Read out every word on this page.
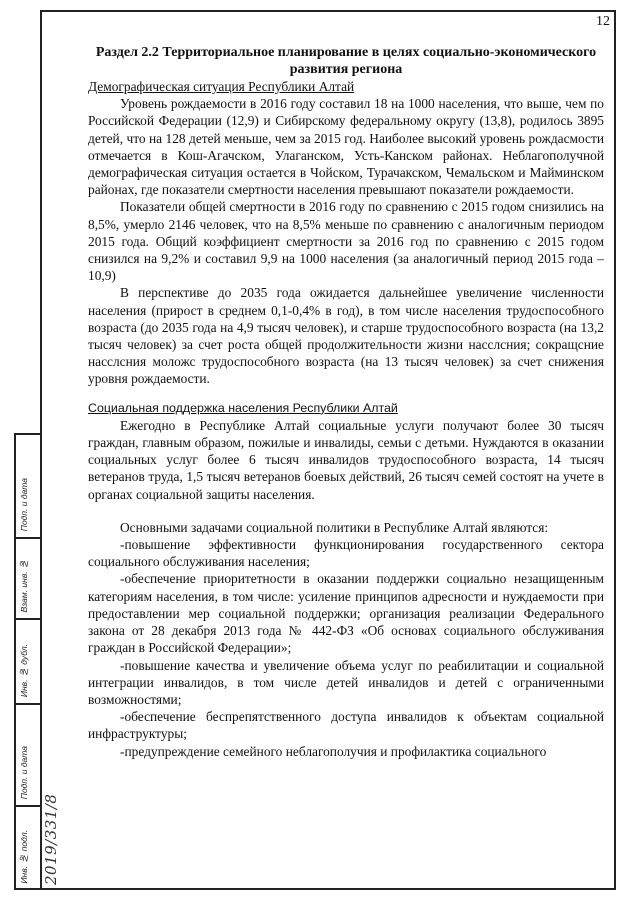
12
Подп. и дата
Взам. инв. №
Инв. № дубл.
Подп. и дата
Инв. № подл. 2019/331/8

Раздел 2.2 Территориальное планирование в целях социально-экономического развития региона

Демографическая ситуация Республики Алтай

Уровень рождаемости в 2016 году составил 18 на 1000 населения, что выше, чем по Российской Федерации (12,9) и Сибирскому федеральному округу (13,8), родилось 3895 детей, что на 128 детей меньше, чем за 2015 год. Наиболее высокий уровень рождасмости отмечается в Кош-Агачском, Улаганском, Усть-Канском районах. Неблагополучной демографическая ситуация остается в Чойском, Турачакском, Чемальском и Майминском районах, где показатели смертности населения превышают показатели рождаемости.

Показатели общей смертности в 2016 году по сравнению с 2015 годом снизились на 8,5%, умерло 2146 человек, что на 8,5% меньше по сравнению с аналогичным периодом 2015 года. Общий коэффициент смертности за 2016 год по сравнению с 2015 годом снизился на 9,2% и составил 9,9 на 1000 населения (за аналогичный период 2015 года – 10,9)

В перспективе до 2035 года ожидается дальнейшее увеличение численности населения (прирост в среднем 0,1-0,4% в год), в том числе населения трудоспособного возраста (до 2035 года на 4,9 тысяч человек), и старше трудоспособного возраста (на 13,2 тысяч человек) за счет роста общей продолжительности жизни насслсния; сокращсние насслсния моложс трудоспособного возраста (на 13 тысяч человек) за счет снижения уровня рождаемости.

Социальная поддержка населения Республики Алтай

Ежегодно в Республике Алтай социальные услуги получают более 30 тысяч граждан, главным образом, пожилые и инвалиды, семьи с детьми. Нуждаются в оказании социальных услуг более 6 тысяч инвалидов трудоспособного возраста, 14 тысяч ветеранов труда, 1,5 тысяч ветеранов боевых действий, 26 тысяч семей состоят на учете в органах социальной защиты населения.

Основными задачами социальной политики в Республике Алтай являются:

-повышение эффективности функционирования государственного сектора социального обслуживания населения;

-обеспечение приоритетности в оказании поддержки социально незащищенным категориям населения, в том числе: усиление принципов адресности и нуждаемости при предоставлении мер социальной поддержки; организация реализации Федерального закона от 28 декабря 2013 года № 442-ФЗ «Об основах социального обслуживания граждан в Российской Федерации»;

-повышение качества и увеличение объема услуг по реабилитации и социальной интеграции инвалидов, в том числе детей инвалидов и детей с ограниченными возможностями;

-обеспечение беспрепятственного доступа инвалидов к объектам социальной инфраструктуры;

-предупреждение семейного неблагополучия и профилактика социального
